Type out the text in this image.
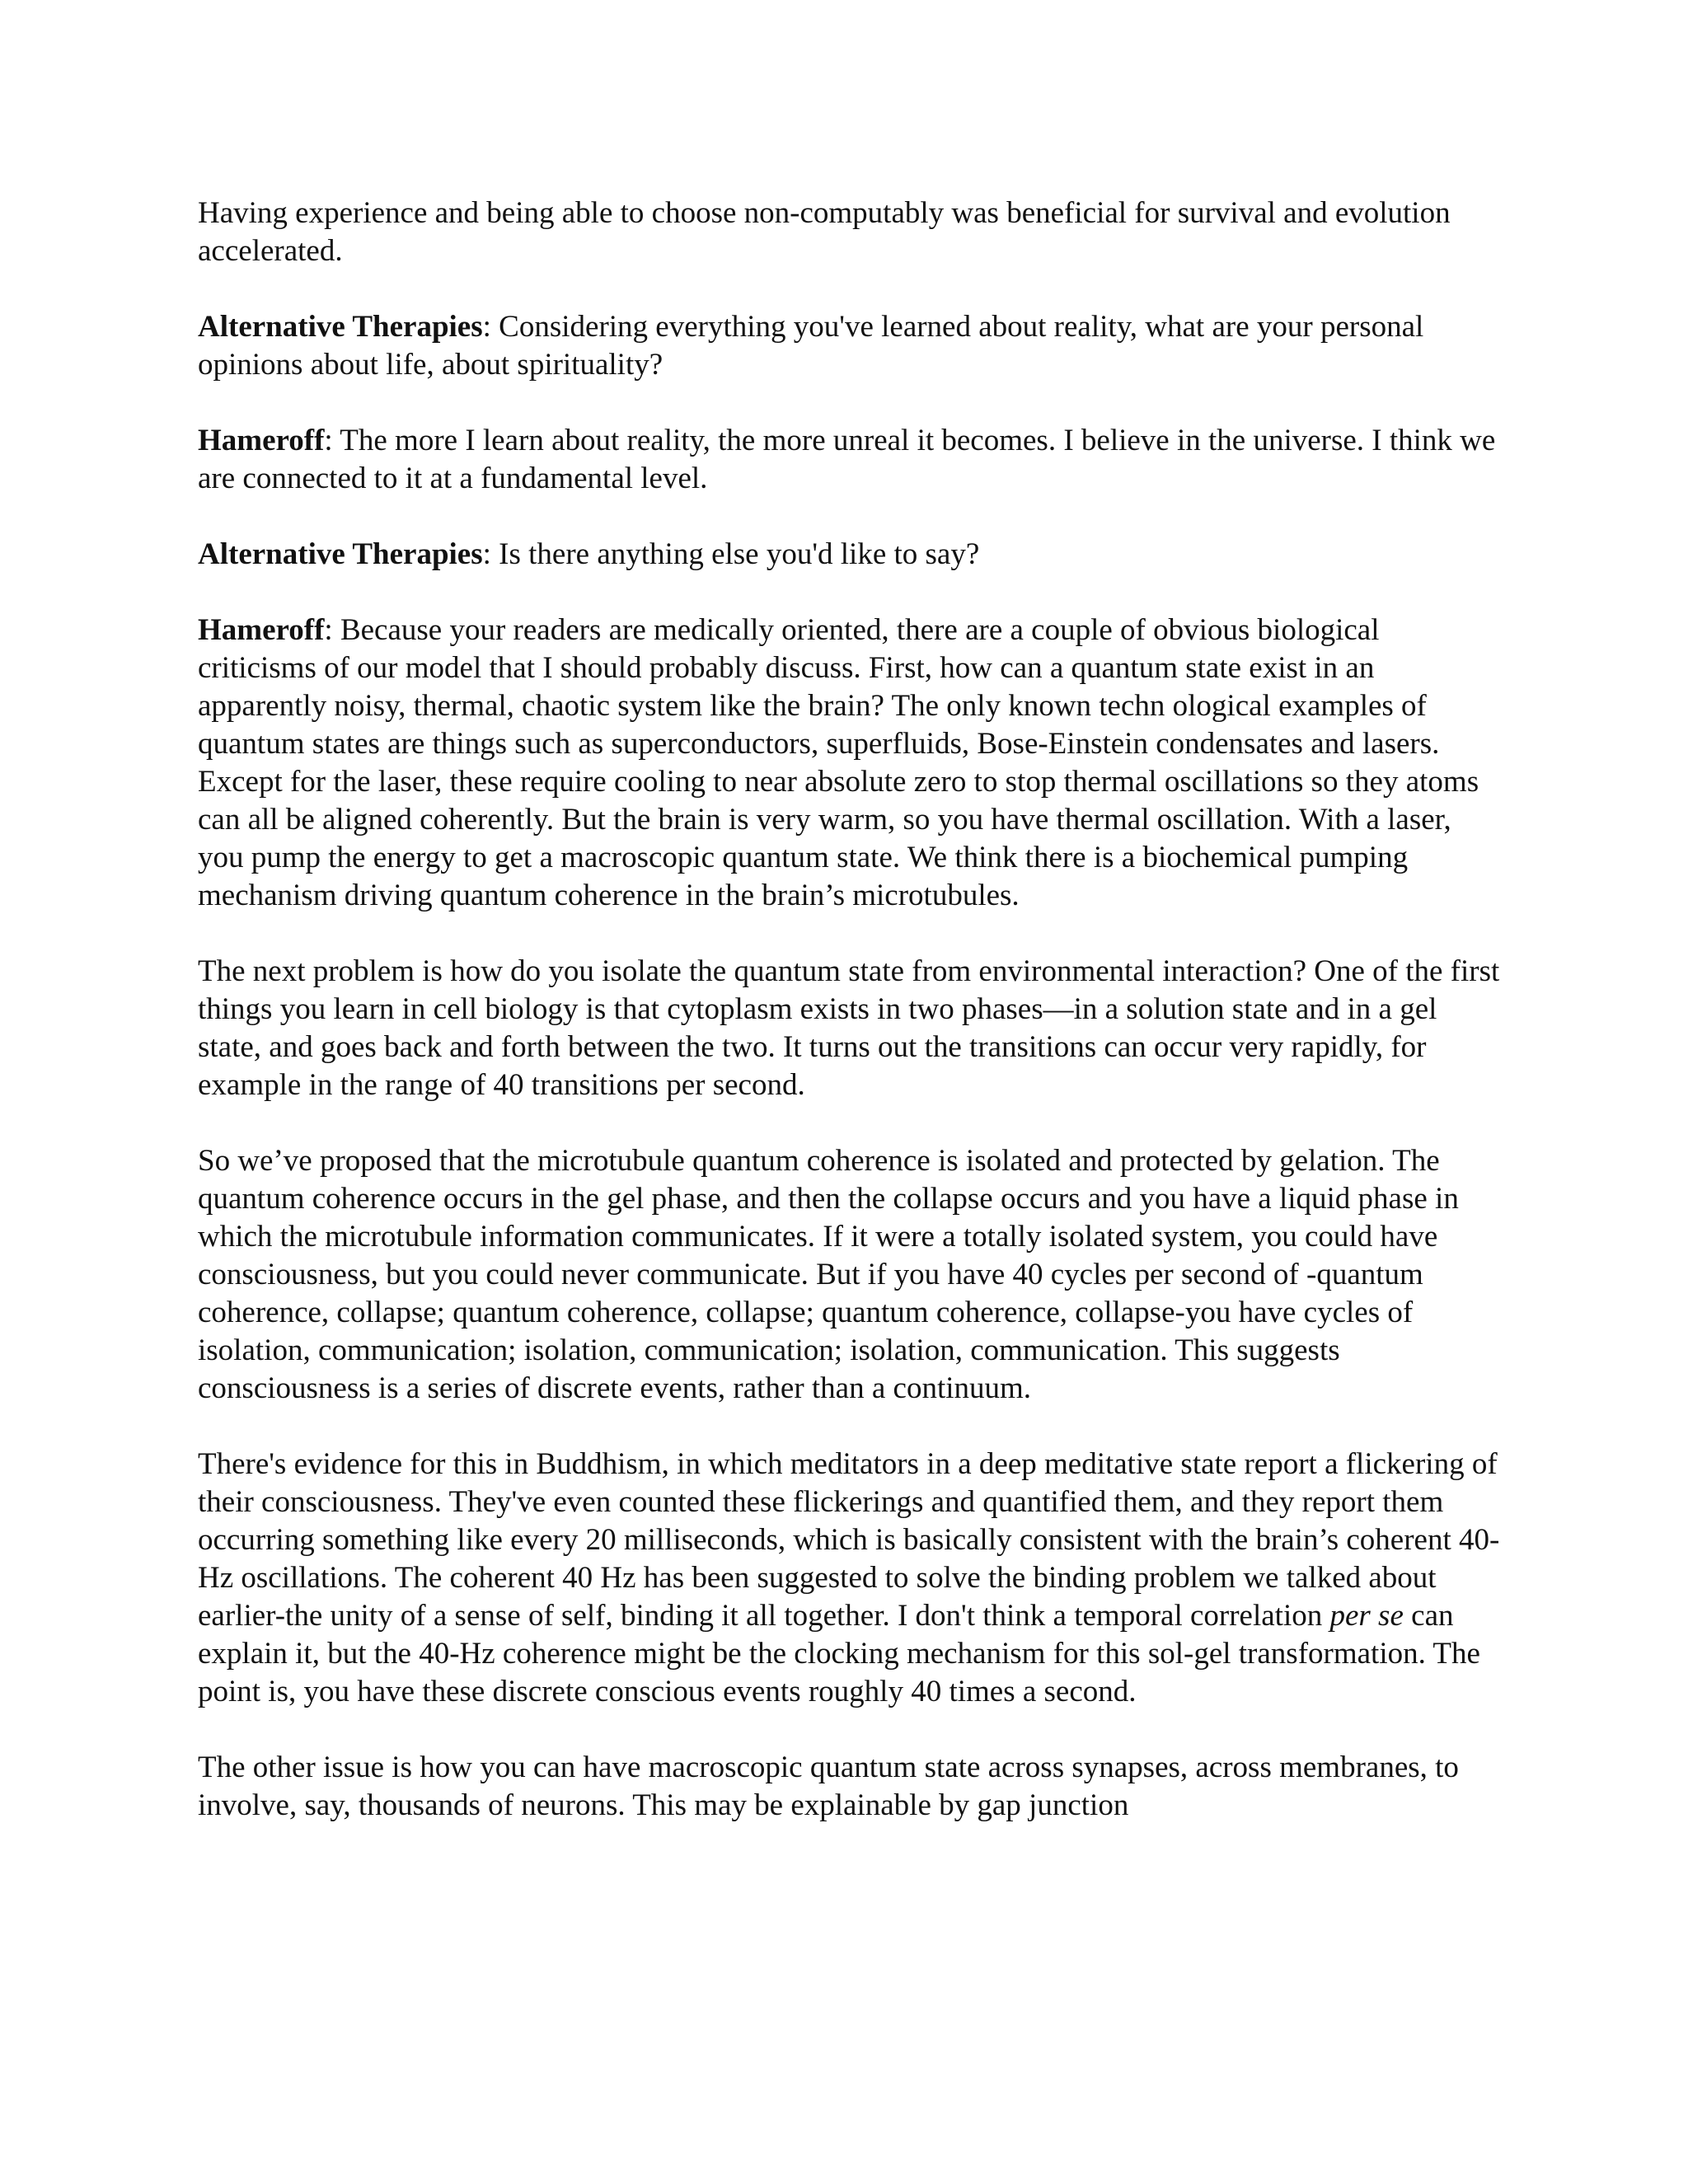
Having experience and being able to choose non-computably was beneficial for survival and evolution accelerated.

Alternative Therapies: Considering everything you've learned about reality, what are your personal opinions about life, about spirituality?

Hameroff: The more I learn about reality, the more unreal it becomes. I believe in the universe. I think we are connected to it at a fundamental level.

Alternative Therapies: Is there anything else you'd like to say?

Hameroff: Because your readers are medically oriented, there are a couple of obvious biological criticisms of our model that I should probably discuss. First, how can a quantum state exist in an apparently noisy, thermal, chaotic system like the brain? The only known techn ological examples of quantum states are things such as superconductors, superfluids, Bose-Einstein condensates and lasers. Except for the laser, these require cooling to near absolute zero to stop thermal oscillations so they atoms can all be aligned coherently. But the brain is very warm, so you have thermal oscillation. With a laser, you pump the energy to get a macroscopic quantum state. We think there is a biochemical pumping mechanism driving quantum coherence in the brain’s microtubules.

The next problem is how do you isolate the quantum state from environmental interaction? One of the first things you learn in cell biology is that cytoplasm exists in two phases—in a solution state and in a gel state, and goes back and forth between the two. It turns out the transitions can occur very rapidly, for example in the range of 40 transitions per second.

So we’ve proposed that the microtubule quantum coherence is isolated and protected by gelation. The quantum coherence occurs in the gel phase, and then the collapse occurs and you have a liquid phase in which the microtubule information communicates. If it were a totally isolated system, you could have consciousness, but you could never communicate. But if you have 40 cycles per second of -quantum coherence, collapse; quantum coherence, collapse; quantum coherence, collapse-you have cycles of isolation, communication; isolation, communication; isolation, communication. This suggests consciousness is a series of discrete events, rather than a continuum.

There's evidence for this in Buddhism, in which meditators in a deep meditative state report a flickering of their consciousness. They've even counted these flickerings and quantified them, and they report them occurring something like every 20 milliseconds, which is basically consistent with the brain’s coherent 40-Hz oscillations. The coherent 40 Hz has been suggested to solve the binding problem we talked about earlier-the unity of a sense of self, binding it all together. I don't think a temporal correlation per se can explain it, but the 40-Hz coherence might be the clocking mechanism for this sol-gel transformation. The point is, you have these discrete conscious events roughly 40 times a second.

The other issue is how you can have macroscopic quantum state across synapses, across membranes, to involve, say, thousands of neurons. This may be explainable by gap junction
